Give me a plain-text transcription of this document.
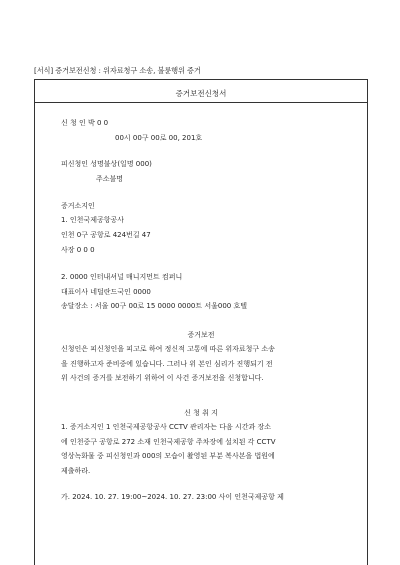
[서식] 증거보전신청 : 위자료청구 소송, 불륜행위 증거
증거보전신청서
신 청 인 박 0 0
00시 00구 00로 00, 201호
피신청인 성명불상(일명 000)
주소불명
증거소지인
1. 인천국제공항공사
인천 0구 공항로 424번길 47
사장 0 0 0
2. 0000 인터내셔널 매니지먼트 컴퍼니
대표이사 네덜란드국인 0000
송달장소 : 서울 00구 00로 15 0000 0000트 서울000 호텔
증거보전
신청인은 피신청인을 피고로 하여 정신적 고통에 따른 위자료청구 소송
을 진행하고자 준비중에 있습니다. 그러나 위 본인 심리가 진행되기 전
위 사건의 증거를 보전하기 위하여 이 사건 증거보전을 신청합니다.
신 청 취 지
1. 증거소지인 1 인천국제공항공사 CCTV 관리자는 다음 시간과 장소
에 인천중구 공항로 272 소재 인천국제공항 주차장에 설치된 각 CCTV
영상녹화물 중 피신청인과 000의 모습이 촬영된 부분 복사본을 법원에
제출하라.
가. 2024. 10. 27. 19:00~2024. 10. 27. 23:00 사이 인천국제공항 제
